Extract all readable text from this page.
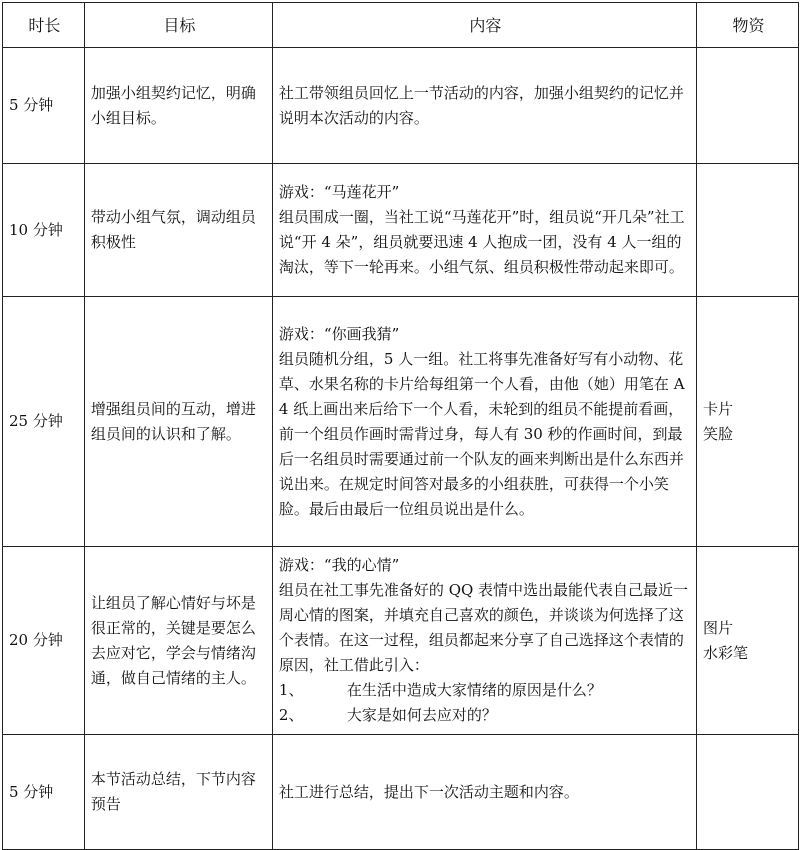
时长	目标	内容	物资
5 分钟	加强小组契约记忆，明确小组目标。	社工带领组员回忆上一节活动的内容，加强小组契约的记忆并说明本次活动的内容。	

10 分钟	带动小组气氛，调动组员积极性	游戏：“马莲花开”
组员围成一圈，当社工说“马莲花开”时，组员说“开几朵”社工说“开 4 朵”，组员就要迅速 4 人抱成一团，没有 4 人一组的淘汰，等下一轮再来。小组气氛、组员积极性带动起来即可。	

25 分钟	增强组员间的互动，增进组员间的认识和了解。	游戏：“你画我猜”
组员随机分组，5 人一组。社工将事先准备好写有小动物、花草、水果名称的卡片给每组第一个人看，由他（她）用笔在 A4 纸上画出来后给下一个人看，未轮到的组员不能提前看画，前一个组员作画时需背过身，每人有 30 秒的作画时间，到最后一名组员时需要通过前一个队友的画来判断出是什么东西并说出来。在规定时间答对最多的小组获胜，可获得一个小笑脸。最后由最后一位组员说出是什么。	卡片
笑脸

20 分钟	让组员了解心情好与坏是很正常的，关键是要怎么去应对它，学会与情绪沟通，做自己情绪的主人。	游戏：“我的心情”
组员在社工事先准备好的 QQ 表情中选出最能代表自己最近一周心情的图案，并填充自己喜欢的颜色，并谈谈为何选择了这个表情。在这一过程，组员都起来分享了自己选择这个表情的原因，社工借此引入：
1、 在生活中造成大家情绪的原因是什么？
2、 大家是如何去应对的？	图片
水彩笔

5 分钟	本节活动总结，下节内容预告	社工进行总结，提出下一次活动主题和内容。	
